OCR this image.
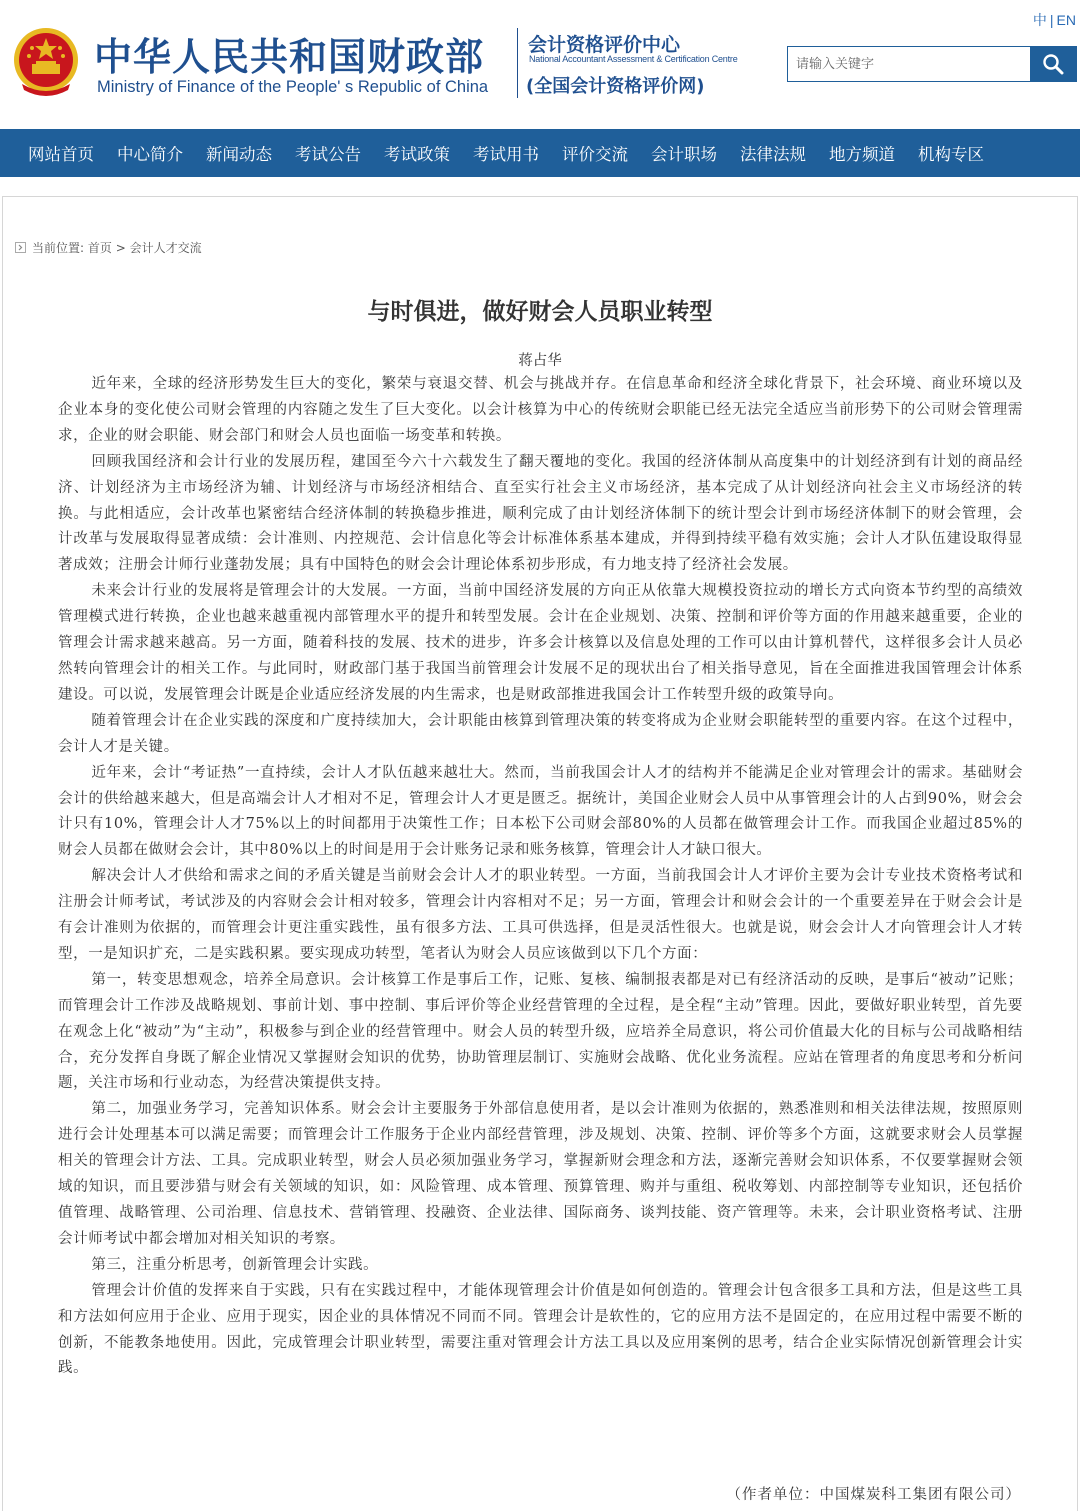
中华人民共和国财政部
Ministry of Finance of the People' s Republic of China
会计资格评价中心
National Accountant Assessment & Certification Centre
(全国会计资格评价网)
中 | EN
请输入关键字
网站首页 中心简介 新闻动态 考试公告 考试政策 考试用书 评价交流 会计职场 法律法规 地方频道 机构专区
当前位置:
首页
>
会计人才交流
与时俱进，做好财会人员职业转型
蒋占华

近年来，全球的经济形势发生巨大的变化，繁荣与衰退交替、机会与挑战并存。在信息革命和经济全球化背景下，社会环境、商业环境以及企业本身的变化使公司财会管理的内容随之发生了巨大变化。以会计核算为中心的传统财会职能已经无法完全适应当前形势下的公司财会管理需求，企业的财会职能、财会部门和财会人员也面临一场变革和转换。

回顾我国经济和会计行业的发展历程，建国至今六十六载发生了翻天覆地的变化。我国的经济体制从高度集中的计划经济到有计划的商品经济、计划经济为主市场经济为辅、计划经济与市场经济相结合、直至实行社会主义市场经济，基本完成了从计划经济向社会主义市场经济的转换。与此相适应，会计改革也紧密结合经济体制的转换稳步推进，顺利完成了由计划经济体制下的统计型会计到市场经济体制下的财会管理，会计改革与发展取得显著成绩：会计准则、内控规范、会计信息化等会计标准体系基本建成，并得到持续平稳有效实施；会计人才队伍建设取得显著成效；注册会计师行业蓬勃发展；具有中国特色的财会会计理论体系初步形成，有力地支持了经济社会发展。

未来会计行业的发展将是管理会计的大发展。一方面，当前中国经济发展的方向正从依靠大规模投资拉动的增长方式向资本节约型的高绩效管理模式进行转换，企业也越来越重视内部管理水平的提升和转型发展。会计在企业规划、决策、控制和评价等方面的作用越来越重要，企业的管理会计需求越来越高。另一方面，随着科技的发展、技术的进步，许多会计核算以及信息处理的工作可以由计算机替代，这样很多会计人员必然转向管理会计的相关工作。与此同时，财政部门基于我国当前管理会计发展不足的现状出台了相关指导意见，旨在全面推进我国管理会计体系建设。可以说，发展管理会计既是企业适应经济发展的内生需求，也是财政部推进我国会计工作转型升级的政策导向。

随着管理会计在企业实践的深度和广度持续加大，会计职能由核算到管理决策的转变将成为企业财会职能转型的重要内容。在这个过程中，会计人才是关键。

近年来，会计“考证热”一直持续，会计人才队伍越来越壮大。然而，当前我国会计人才的结构并不能满足企业对管理会计的需求。基础财会会计的供给越来越大，但是高端会计人才相对不足，管理会计人才更是匮乏。据统计，美国企业财会人员中从事管理会计的人占到90%，财会会计只有10%，管理会计人才75%以上的时间都用于决策性工作；日本松下公司财会部80%的人员都在做管理会计工作。而我国企业超过85%的财会人员都在做财会会计，其中80%以上的时间是用于会计账务记录和账务核算，管理会计人才缺口很大。

解决会计人才供给和需求之间的矛盾关键是当前财会会计人才的职业转型。一方面，当前我国会计人才评价主要为会计专业技术资格考试和注册会计师考试，考试涉及的内容财会会计相对较多，管理会计内容相对不足；另一方面，管理会计和财会会计的一个重要差异在于财会会计是有会计准则为依据的，而管理会计更注重实践性，虽有很多方法、工具可供选择，但是灵活性很大。也就是说，财会会计人才向管理会计人才转型，一是知识扩充，二是实践积累。要实现成功转型，笔者认为财会人员应该做到以下几个方面：

第一，转变思想观念，培养全局意识。会计核算工作是事后工作，记账、复核、编制报表都是对已有经济活动的反映，是事后“被动”记账；而管理会计工作涉及战略规划、事前计划、事中控制、事后评价等企业经营管理的全过程，是全程“主动”管理。因此，要做好职业转型，首先要在观念上化“被动”为“主动”，积极参与到企业的经营管理中。财会人员的转型升级，应培养全局意识，将公司价值最大化的目标与公司战略相结合，充分发挥自身既了解企业情况又掌握财会知识的优势，协助管理层制订、实施财会战略、优化业务流程。应站在管理者的角度思考和分析问题，关注市场和行业动态，为经营决策提供支持。

第二，加强业务学习，完善知识体系。财会会计主要服务于外部信息使用者，是以会计准则为依据的，熟悉准则和相关法律法规，按照原则进行会计处理基本可以满足需要；而管理会计工作服务于企业内部经营管理，涉及规划、决策、控制、评价等多个方面，这就要求财会人员掌握相关的管理会计方法、工具。完成职业转型，财会人员必须加强业务学习，掌握新财会理念和方法，逐渐完善财会知识体系，不仅要掌握财会领域的知识，而且要涉猎与财会有关领域的知识，如：风险管理、成本管理、预算管理、购并与重组、税收筹划、内部控制等专业知识，还包括价值管理、战略管理、公司治理、信息技术、营销管理、投融资、企业法律、国际商务、谈判技能、资产管理等。未来，会计职业资格考试、注册会计师考试中都会增加对相关知识的考察。

第三，注重分析思考，创新管理会计实践。

管理会计价值的发挥来自于实践，只有在实践过程中，才能体现管理会计价值是如何创造的。管理会计包含很多工具和方法，但是这些工具和方法如何应用于企业、应用于现实，因企业的具体情况不同而不同。管理会计是软性的，它的应用方法不是固定的，在应用过程中需要不断的创新，不能教条地使用。因此，完成管理会计职业转型，需要注重对管理会计方法工具以及应用案例的思考，结合企业实际情况创新管理会计实践。

（作者单位：中国煤炭科工集团有限公司）
